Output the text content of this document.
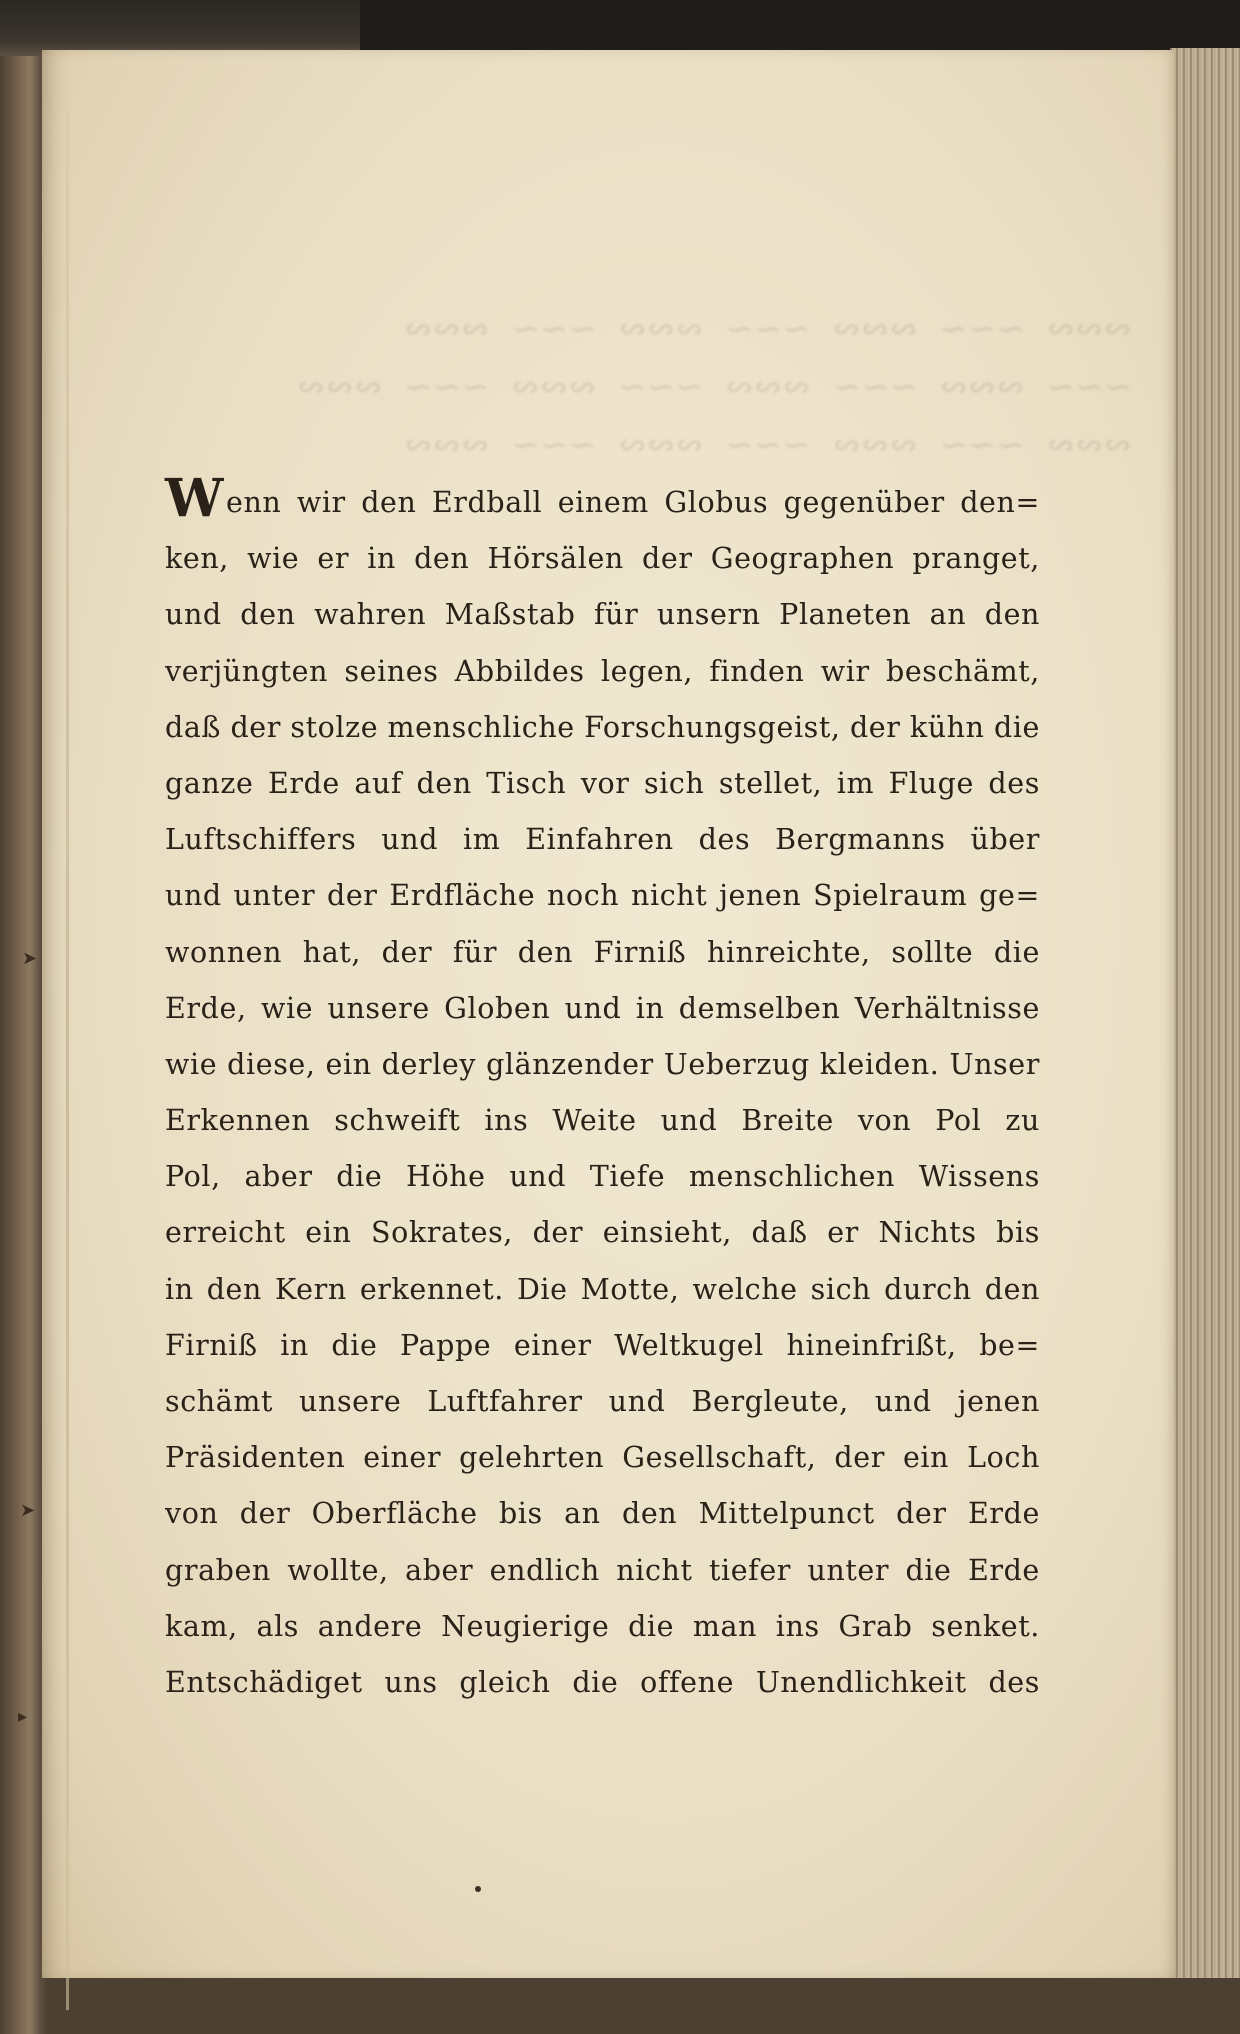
∾∾∾  ~~~  ∾∾∾  ~~~  ∾∾∾  ~~~  ∾∾∾
~~~  ∾∾∾  ~~~  ∾∾∾  ~~~  ∾∾∾  ~~~  ∾∾∾
∾∾∾  ~~~  ∾∾∾  ~~~  ∾∾∾  ~~~  ∾∾∾
Wenn wir den Erdball einem Globus gegenüber den=
ken, wie er in den Hörsälen der Geographen pranget,
und den wahren Maßstab für unsern Planeten an den
verjüngten seines Abbildes legen, finden wir beschämt,
daß der stolze menschliche Forschungsgeist, der kühn die
ganze Erde auf den Tisch vor sich stellet, im Fluge des
Luftschiffers und im Einfahren des Bergmanns über
und unter der Erdfläche noch nicht jenen Spielraum ge=
wonnen hat, der für den Firniß hinreichte, sollte die
Erde, wie unsere Globen und in demselben Verhältnisse
wie diese, ein derley glänzender Ueberzug kleiden. Unser
Erkennen schweift ins Weite und Breite von Pol zu
Pol, aber die Höhe und Tiefe menschlichen Wissens
erreicht ein Sokrates, der einsieht, daß er Nichts bis
in den Kern erkennet. Die Motte, welche sich durch den
Firniß in die Pappe einer Weltkugel hineinfrißt, be=
schämt unsere Luftfahrer und Bergleute, und jenen
Präsidenten einer gelehrten Gesellschaft, der ein Loch
von der Oberfläche bis an den Mittelpunct der Erde
graben wollte, aber endlich nicht tiefer unter die Erde
kam, als andere Neugierige die man ins Grab senket.
Entschädiget uns gleich die offene Unendlichkeit des
➤
➤
▸
